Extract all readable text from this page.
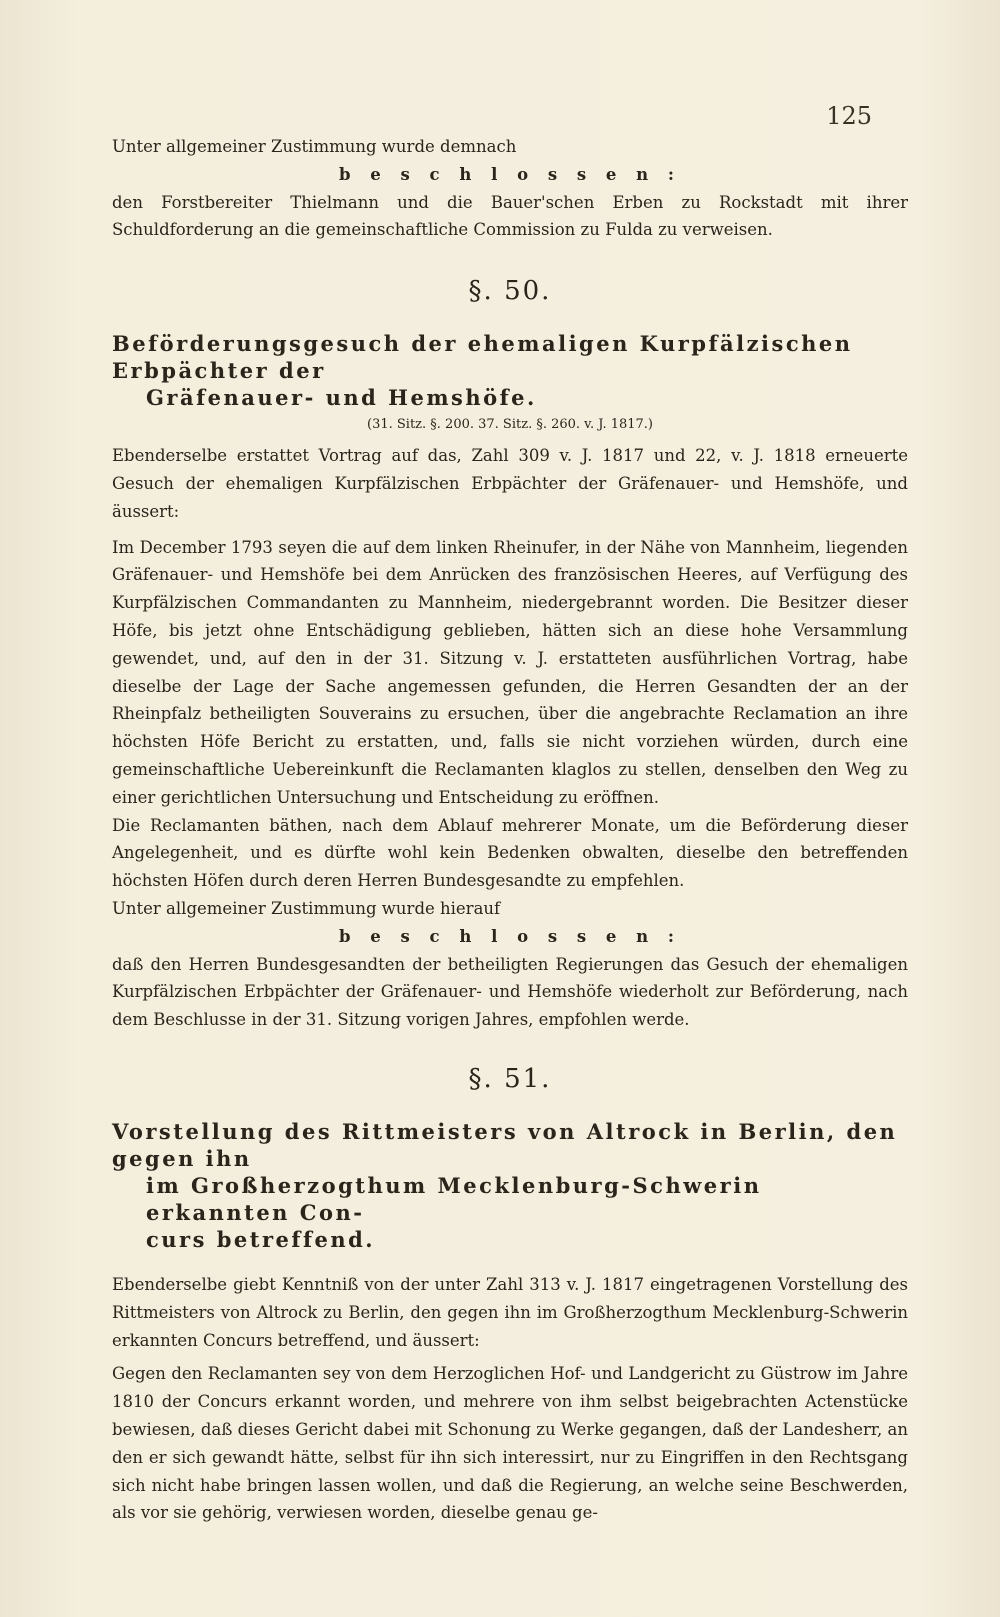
125

Unter allgemeiner Zustimmung wurde demnach

b e s c h l o s s e n :

den Forstbereiter Thielmann und die Bauer'schen Erben zu Rockstadt mit ihrer Schuldforderung an die gemeinschaftliche Commission zu Fulda zu verweisen.

§. 50.
Beförderungsgesuch der ehemaligen Kurpfälzischen Erbpächter der

Gräfenauer- und Hemshöfe.
(31. Sitz. §. 200. 37. Sitz. §. 260. v. J. 1817.)

Ebenderselbe erstattet Vortrag auf das, Zahl 309 v. J. 1817 und 22, v. J. 1818 erneuerte Gesuch der ehemaligen Kurpfälzischen Erbpächter der Gräfenauer- und Hemshöfe, und äussert:

Im December 1793 seyen die auf dem linken Rheinufer, in der Nähe von Mannheim, liegenden Gräfenauer- und Hemshöfe bei dem Anrücken des französischen Heeres, auf Verfügung des Kurpfälzischen Commandanten zu Mannheim, niedergebrannt worden. Die Besitzer dieser Höfe, bis jetzt ohne Entschädigung geblieben, hätten sich an diese hohe Versammlung gewendet, und, auf den in der 31. Sitzung v. J. erstatteten ausführlichen Vortrag, habe dieselbe der Lage der Sache angemessen gefunden, die Herren Gesandten der an der Rheinpfalz betheiligten Souverains zu ersuchen, über die angebrachte Reclamation an ihre höchsten Höfe Bericht zu erstatten, und, falls sie nicht vorziehen würden, durch eine gemeinschaftliche Uebereinkunft die Reclamanten klaglos zu stellen, denselben den Weg zu einer gerichtlichen Untersuchung und Entscheidung zu eröffnen.

Die Reclamanten bäthen, nach dem Ablauf mehrerer Monate, um die Beförderung dieser Angelegenheit, und es dürfte wohl kein Bedenken obwalten, dieselbe den betreffenden höchsten Höfen durch deren Herren Bundesgesandte zu empfehlen.

Unter allgemeiner Zustimmung wurde hierauf

b e s c h l o s s e n :

daß den Herren Bundesgesandten der betheiligten Regierungen das Gesuch der ehemaligen Kurpfälzischen Erbpächter der Gräfenauer- und Hemshöfe wiederholt zur Beförderung, nach dem Beschlusse in der 31. Sitzung vorigen Jahres, empfohlen werde.

§. 51.
Vorstellung des Rittmeisters von Altrock in Berlin, den gegen ihn

im Großherzogthum Mecklenburg-Schwerin erkannten Con-
curs betreffend.

Ebenderselbe giebt Kenntniß von der unter Zahl 313 v. J. 1817 eingetragenen Vorstellung des Rittmeisters von Altrock zu Berlin, den gegen ihn im Großherzogthum Mecklenburg-Schwerin erkannten Concurs betreffend, und äussert:

Gegen den Reclamanten sey von dem Herzoglichen Hof- und Landgericht zu Güstrow im Jahre 1810 der Concurs erkannt worden, und mehrere von ihm selbst beigebrachten Actenstücke bewiesen, daß dieses Gericht dabei mit Schonung zu Werke gegangen, daß der Landesherr, an den er sich gewandt hätte, selbst für ihn sich interessirt, nur zu Eingriffen in den Rechtsgang sich nicht habe bringen lassen wollen, und daß die Regierung, an welche seine Beschwerden, als vor sie gehörig, verwiesen worden, dieselbe genau ge-
